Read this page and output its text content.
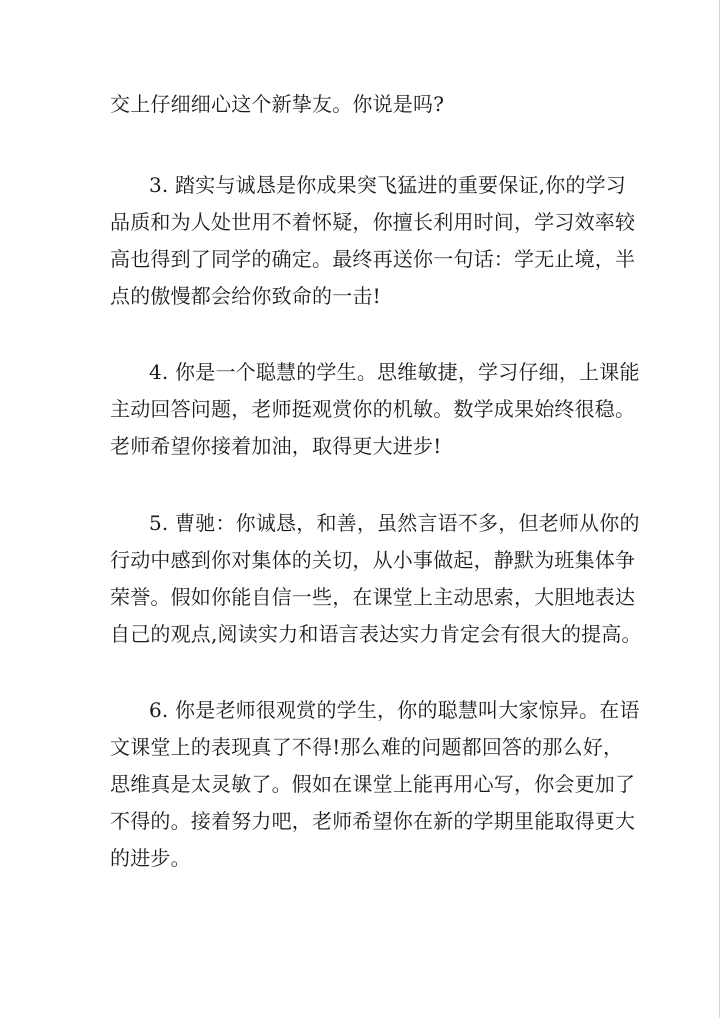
交上仔细细心这个新挚友。你说是吗?
3. 踏实与诚恳是你成果突飞猛进的重要保证,你的学习
品质和为人处世用不着怀疑，你擅长利用时间，学习效率较
高也得到了同学的确定。最终再送你一句话：学无止境，半
点的傲慢都会给你致命的一击!
4. 你是一个聪慧的学生。思维敏捷，学习仔细，上课能
主动回答问题，老师挺观赏你的机敏。数学成果始终很稳。
老师希望你接着加油，取得更大进步!
5. 曹驰：你诚恳，和善，虽然言语不多，但老师从你的
行动中感到你对集体的关切，从小事做起，静默为班集体争
荣誉。假如你能自信一些，在课堂上主动思索，大胆地表达
自己的观点,阅读实力和语言表达实力肯定会有很大的提高。
6. 你是老师很观赏的学生，你的聪慧叫大家惊异。在语
文课堂上的表现真了不得!那么难的问题都回答的那么好，
思维真是太灵敏了。假如在课堂上能再用心写，你会更加了
不得的。接着努力吧，老师希望你在新的学期里能取得更大
的进步。
